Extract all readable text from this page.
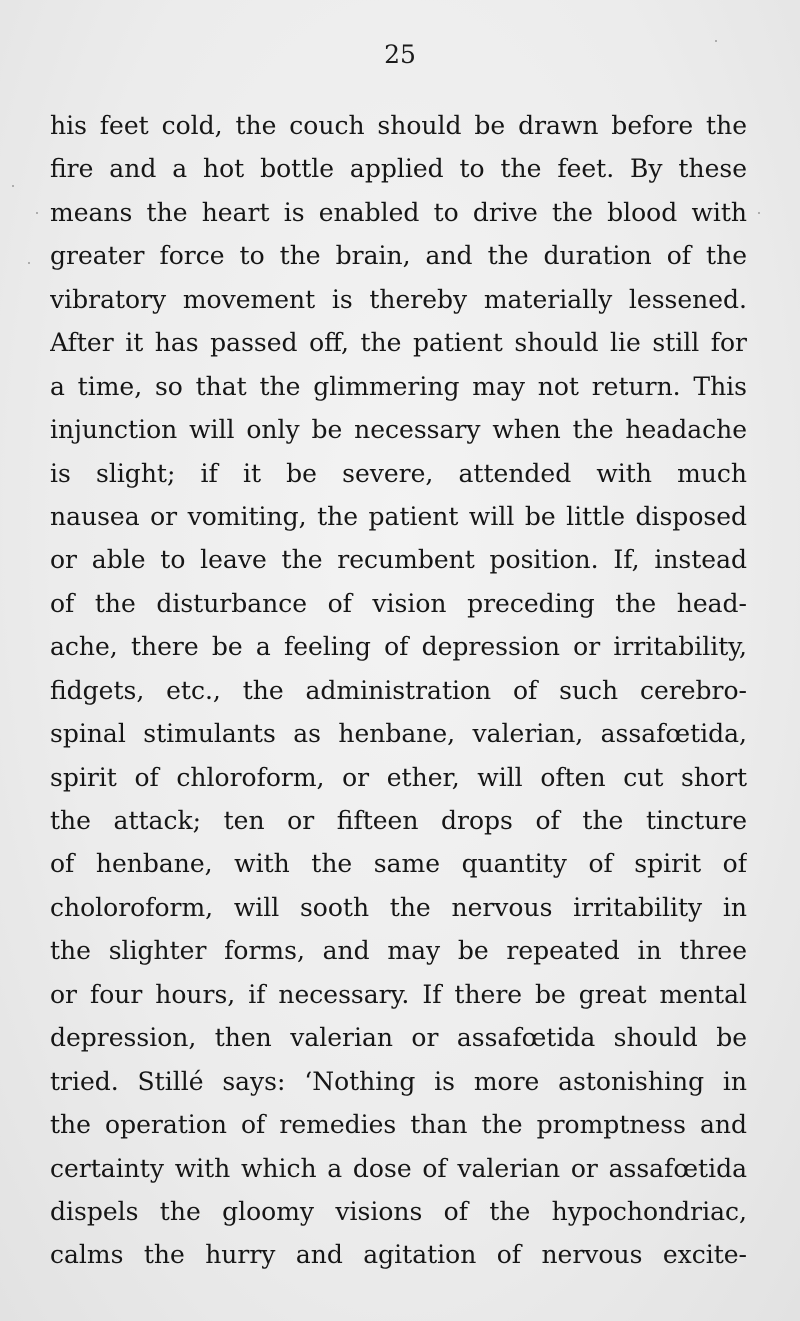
25
his feet cold, the couch should be drawn before the
fire and a hot bottle applied to the feet. By these
means the heart is enabled to drive the blood with
greater force to the brain, and the duration of the
vibratory movement is thereby materially lessened.
After it has passed off, the patient should lie still for
a time, so that the glimmering may not return. This
injunction will only be necessary when the headache
is slight; if it be severe, attended with much
nausea or vomiting, the patient will be little disposed
or able to leave the recumbent position. If, instead
of the disturbance of vision preceding the head-
ache, there be a feeling of depression or irritability,
fidgets, etc., the administration of such cerebro-
spinal stimulants as henbane, valerian, assafœtida,
spirit of chloroform, or ether, will often cut short
the attack; ten or fifteen drops of the tincture
of henbane, with the same quantity of spirit of
choloroform, will sooth the nervous irritability in
the slighter forms, and may be repeated in three
or four hours, if necessary. If there be great mental
depression, then valerian or assafœtida should be
tried. Stillé says: ‘Nothing is more astonishing in
the operation of remedies than the promptness and
certainty with which a dose of valerian or assafœtida
dispels the gloomy visions of the hypochondriac,
calms the hurry and agitation of nervous excite-
